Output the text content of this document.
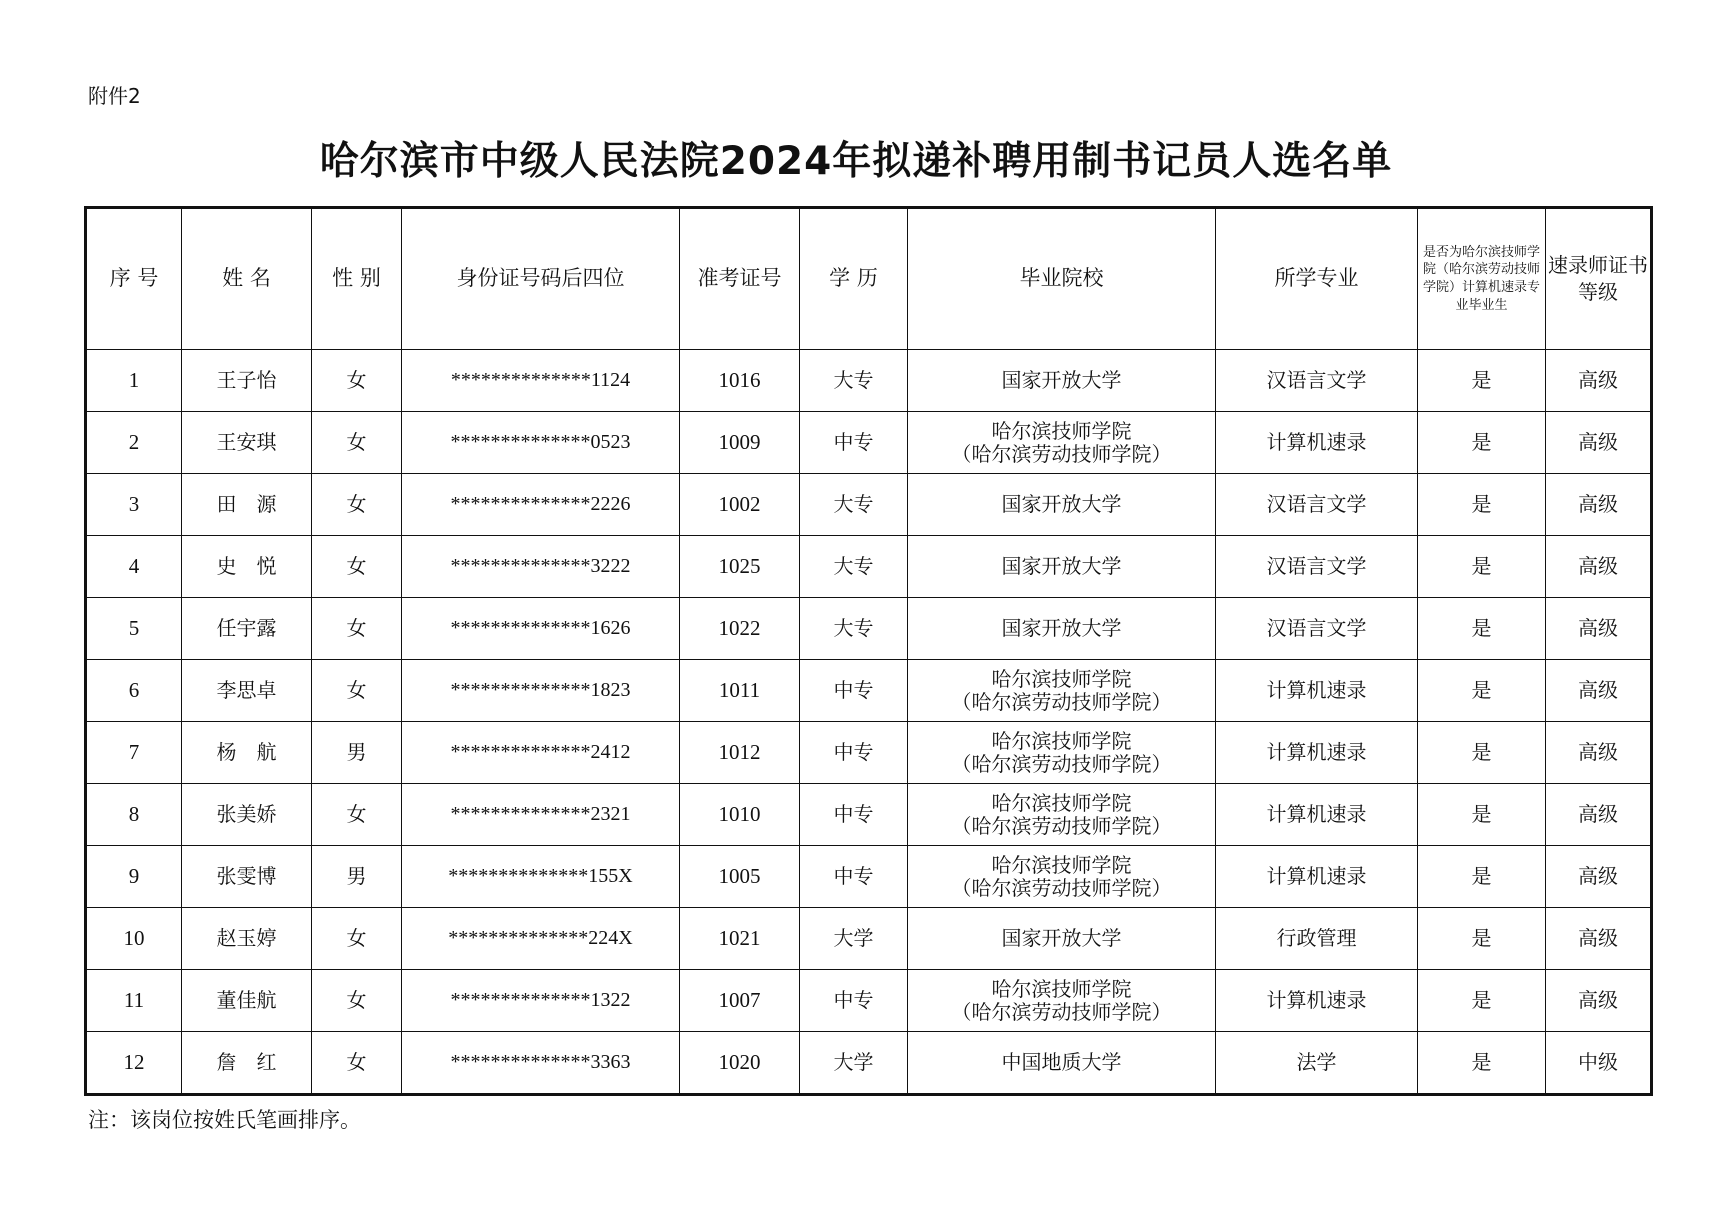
附件2
哈尔滨市中级人民法院2024年拟递补聘用制书记员人选名单
序 号	姓 名	性 别	身份证号码后四位	准考证号	学 历	毕业院校	所学专业	是否为哈尔滨技师学院（哈尔滨劳动技师学院）计算机速录专业毕业生	速录师证书等级
1	王子怡	女	**************1124	1016	大专	国家开放大学	汉语言文学	是	高级
2	王安琪	女	**************0523	1009	中专	哈尔滨技师学院
（哈尔滨劳动技师学院）	计算机速录	是	高级
3	田　源	女	**************2226	1002	大专	国家开放大学	汉语言文学	是	高级
4	史　悦	女	**************3222	1025	大专	国家开放大学	汉语言文学	是	高级
5	任宇露	女	**************1626	1022	大专	国家开放大学	汉语言文学	是	高级
6	李思卓	女	**************1823	1011	中专	哈尔滨技师学院
（哈尔滨劳动技师学院）	计算机速录	是	高级
7	杨　航	男	**************2412	1012	中专	哈尔滨技师学院
（哈尔滨劳动技师学院）	计算机速录	是	高级
8	张美娇	女	**************2321	1010	中专	哈尔滨技师学院
（哈尔滨劳动技师学院）	计算机速录	是	高级
9	张雯博	男	**************155X	1005	中专	哈尔滨技师学院
（哈尔滨劳动技师学院）	计算机速录	是	高级
10	赵玉婷	女	**************224X	1021	大学	国家开放大学	行政管理	是	高级
11	董佳航	女	**************1322	1007	中专	哈尔滨技师学院
（哈尔滨劳动技师学院）	计算机速录	是	高级
12	詹　红	女	**************3363	1020	大学	中国地质大学	法学	是	中级
注：该岗位按姓氏笔画排序。
